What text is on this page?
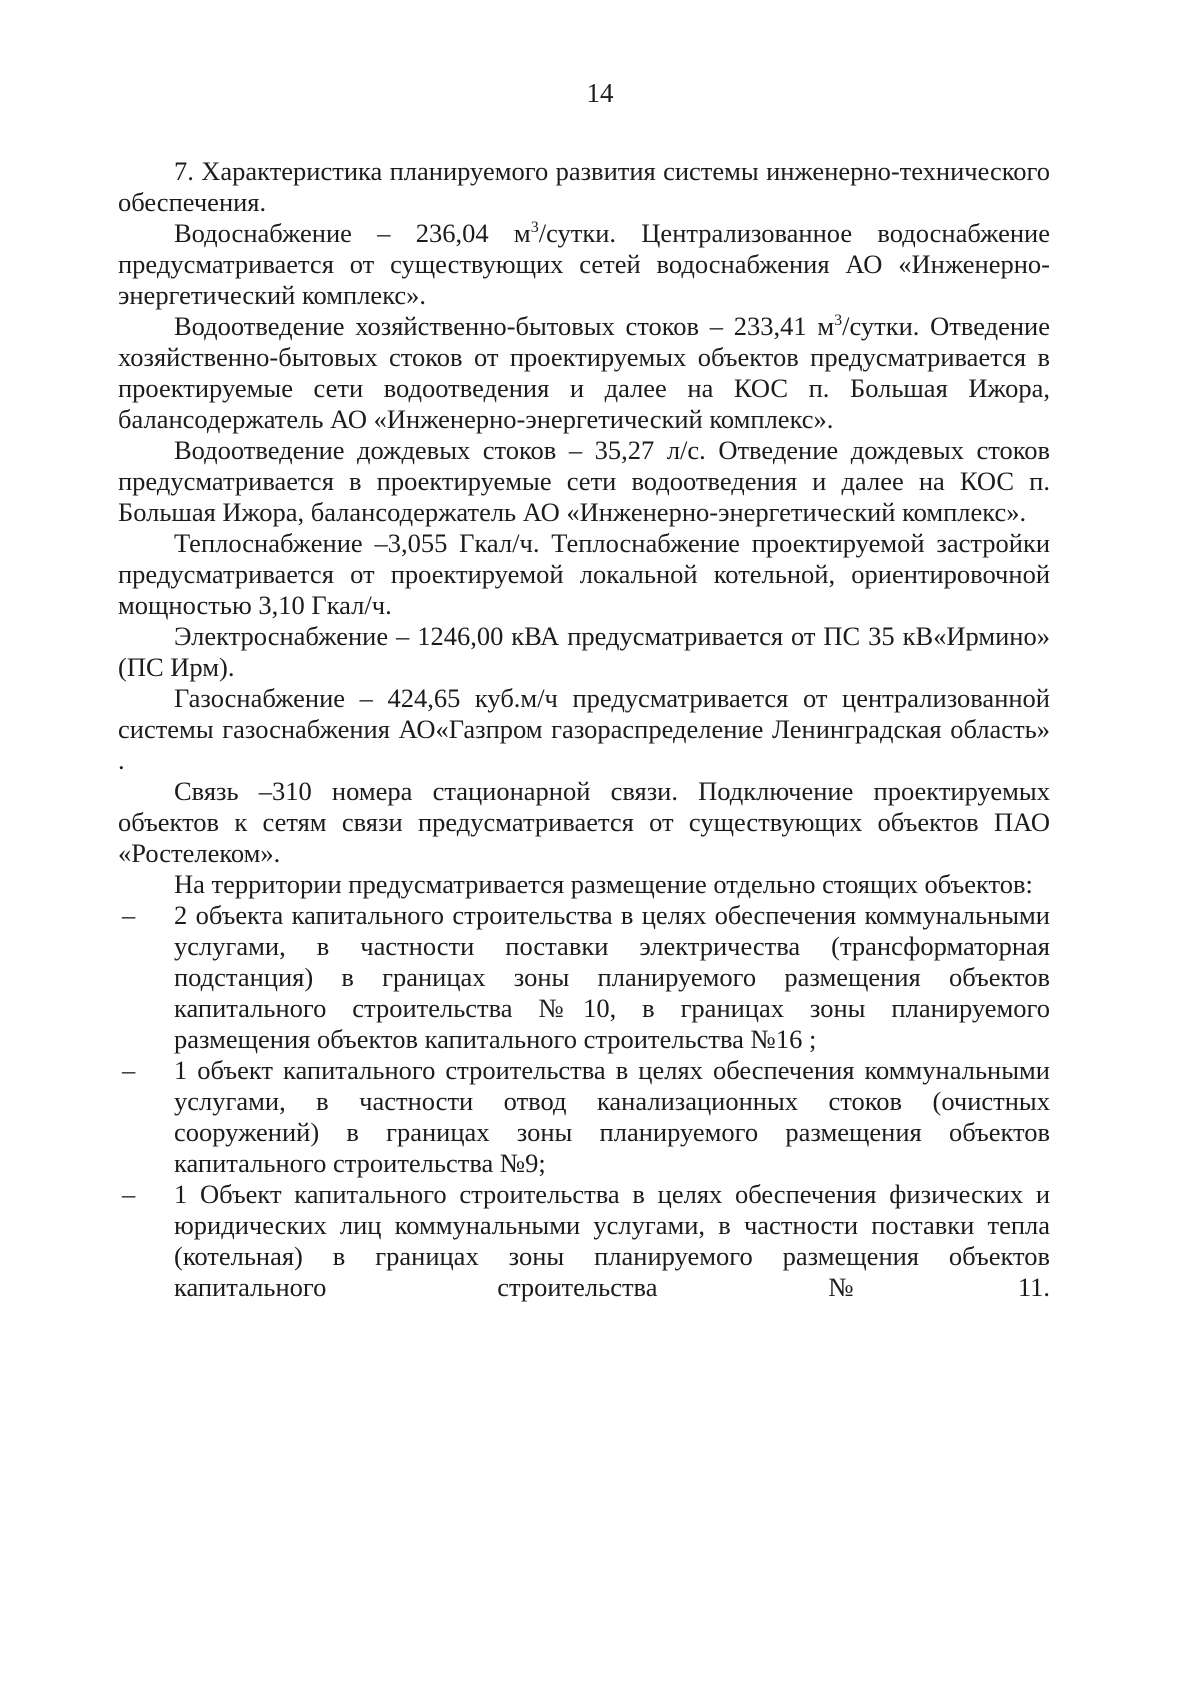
14

7. Характеристика планируемого развития системы инженерно-технического обеспечения.

Водоснабжение – 236,04 $м^3$/сутки. Централизованное водоснабжение предусматривается от существующих сетей водоснабжения АО «Инженерно-энергетический комплекс».

Водоотведение хозяйственно-бытовых стоков – 233,41 $м^3$/сутки. Отведение хозяйственно-бытовых стоков от проектируемых объектов предусматривается в проектируемые сети водоотведения и далее на КОС п. Большая Ижора, балансодержатель АО «Инженерно-энергетический комплекс».

Водоотведение дождевых стоков – 35,27 л/с. Отведение дождевых стоков предусматривается в проектируемые сети водоотведения и далее на КОС п. Большая Ижора, балансодержатель АО «Инженерно-энергетический комплекс».

Теплоснабжение –3,055 Гкал/ч. Теплоснабжение проектируемой застройки предусматривается от проектируемой локальной котельной, ориентировочной мощностью 3,10 Гкал/ч.

Электроснабжение – 1246,00 кВА предусматривается от ПС 35 кВ«Ирмино» (ПС Ирм).

Газоснабжение – 424,65 куб.м/ч предусматривается от централизованной системы газоснабжения АО«Газпром газораспределение Ленинградская область» .

Связь –310 номера стационарной связи. Подключение проектируемых объектов к сетям связи предусматривается от существующих объектов ПАО «Ростелеком».

На территории предусматривается размещение отдельно стоящих объектов:

– 2 объекта капитального строительства в целях обеспечения коммунальными услугами, в частности поставки электричества (трансформаторная подстанция) в границах зоны планируемого размещения объектов капитального строительства №10, в границах зоны планируемого размещения объектов капитального строительства №16 ;
– 1 объект капитального строительства в целях обеспечения коммунальными услугами, в частности отвод канализационных стоков (очистных сооружений) в границах зоны планируемого размещения объектов капитального строительства №9;
– 1 Объект капитального строительства в целях обеспечения физических и юридических лиц коммунальными услугами, в частности поставки тепла (котельная) в границах зоны планируемого размещения объектов капитального строительства №11.
